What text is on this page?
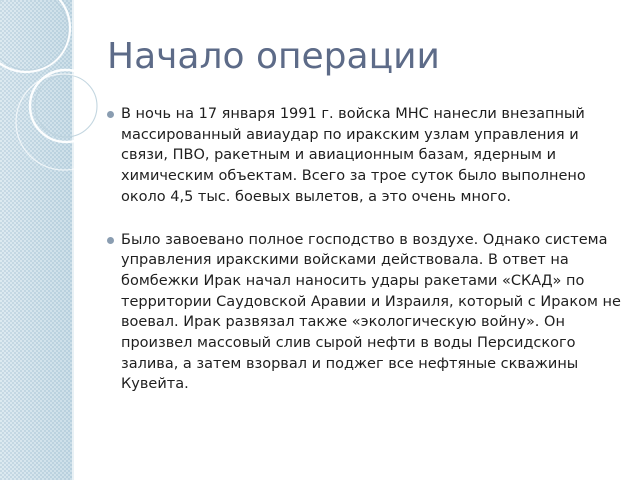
Начало операции
В ночь на 17 января 1991 г. войска МНС нанесли внезапный массированный авиаудар по иракским узлам управления и связи, ПВО, ракетным и авиационным базам, ядерным и химическим объектам. Всего за трое суток было выполнено около 4,5 тыс. боевых вылетов, а это очень много.
Было завоевано полное господство в воздухе. Однако система управления иракскими войсками действовала. В ответ на бомбежки Ирак начал наносить удары ракетами «СКАД» по территории Саудовской Аравии и Израиля, который с Ираком не воевал. Ирак развязал также «экологическую войну». Он произвел массовый слив сырой нефти в воды Персидского залива, а затем взорвал и поджег все нефтяные скважины Кувейта.
